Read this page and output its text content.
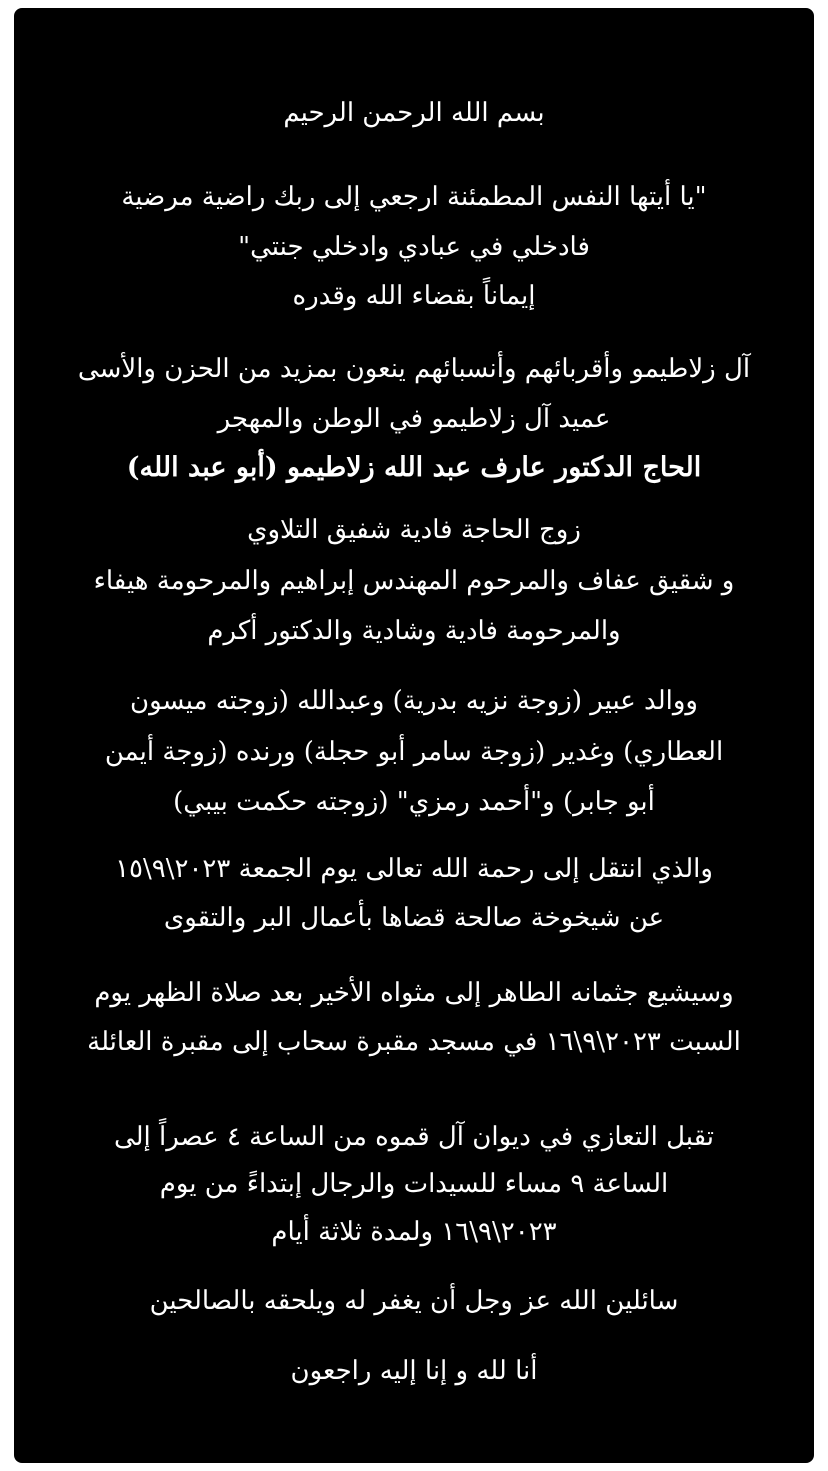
بسم الله الرحمن الرحيم
"يا أيتها النفس المطمئنة ارجعي إلى ربك راضية مرضية
فادخلي في عبادي وادخلي جنتي"
إيماناً بقضاء الله وقدره
آل زلاطيمو وأقربائهم وأنسبائهم ينعون بمزيد من الحزن والأسى
عميد آل زلاطيمو في الوطن والمهجر
الحاج الدكتور عارف عبد الله زلاطيمو (أبو عبد الله)
زوج الحاجة فادية شفيق التلاوي
و شقيق عفاف والمرحوم المهندس إبراهيم والمرحومة هيفاء
والمرحومة فادية وشادية والدكتور أكرم
ووالد عبير (زوجة نزيه بدرية) وعبدالله (زوجته ميسون
العطاري) وغدير (زوجة سامر أبو حجلة) ورنده (زوجة أيمن
أبو جابر) و"أحمد رمزي" (زوجته حكمت بيبي)
والذي انتقل إلى رحمة الله تعالى يوم الجمعة ٢٠٢٣\٩\١٥
عن شيخوخة صالحة قضاها بأعمال البر والتقوى
وسيشيع جثمانه الطاهر إلى مثواه الأخير بعد صلاة الظهر يوم
السبت ٢٠٢٣\٩\١٦ في مسجد مقبرة سحاب إلى مقبرة العائلة
تقبل التعازي في ديوان آل قموه من الساعة ٤ عصراً إلى
الساعة ٩ مساء للسيدات والرجال إبتداءً من يوم
٢٠٢٣\٩\١٦ ولمدة ثلاثة أيام
سائلين الله عز وجل أن يغفر له ويلحقه بالصالحين
أنا لله و إنا إليه راجعون
